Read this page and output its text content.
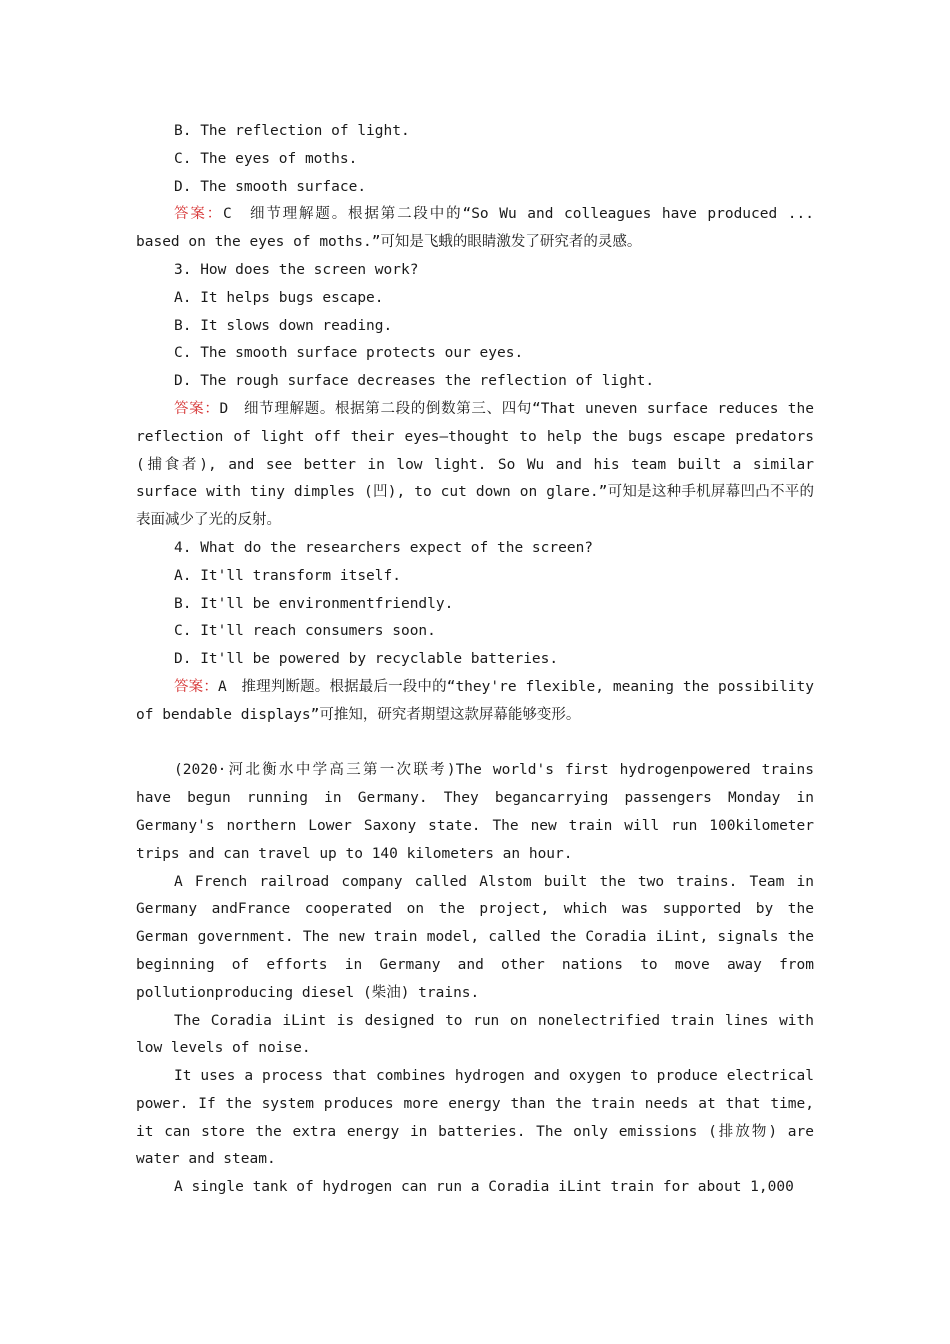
B. The reflection of light.
C. The eyes of moths.
D. The smooth surface.
答案：C　细节理解题。根据第二段中的“So Wu and colleagues have produced ... based on the eyes of moths.”可知是飞蛾的眼睛激发了研究者的灵感。
3. How does the screen work?
A. It helps bugs escape.
B. It slows down reading.
C. The smooth surface protects our eyes.
D. The rough surface decreases the reflection of light.
答案：D　细节理解题。根据第二段的倒数第三、四句“That uneven surface reduces the reflection of light off their eyes—thought to help the bugs escape predators (捕食者), and see better in low light. So Wu and his team built a similar surface with tiny dimples (凹), to cut down on glare.”可知是这种手机屏幕凹凸不平的表面减少了光的反射。
4. What do the researchers expect of the screen?
A. It'll transform itself.
B. It'll be environmentfriendly.
C. It'll reach consumers soon.
D. It'll be powered by recyclable batteries.
答案：A　推理判断题。根据最后一段中的“they're flexible, meaning the possibility of bendable displays”可推知，研究者期望这款屏幕能够变形。
(2020·河北衡水中学高三第一次联考)The world's first hydrogenpowered trains have begun running in Germany. They begancarrying passengers Monday in Germany's northern Lower Saxony state. The new train will run 100kilometer trips and can travel up to 140 kilometers an hour.
A French railroad company called Alstom built the two trains. Team in Germany andFrance cooperated on the project, which was supported by the German government. The new train model, called the Coradia iLint, signals the beginning of efforts in Germany and other nations to move away from pollutionproducing diesel (柴油) trains.
The Coradia iLint is designed to run on nonelectrified train lines with low levels of noise.
It uses a process that combines hydrogen and oxygen to produce electrical power. If the system produces more energy than the train needs at that time, it can store the extra energy in batteries. The only emissions (排放物) are water and steam.
A single tank of hydrogen can run a Coradia iLint train for about 1,000
